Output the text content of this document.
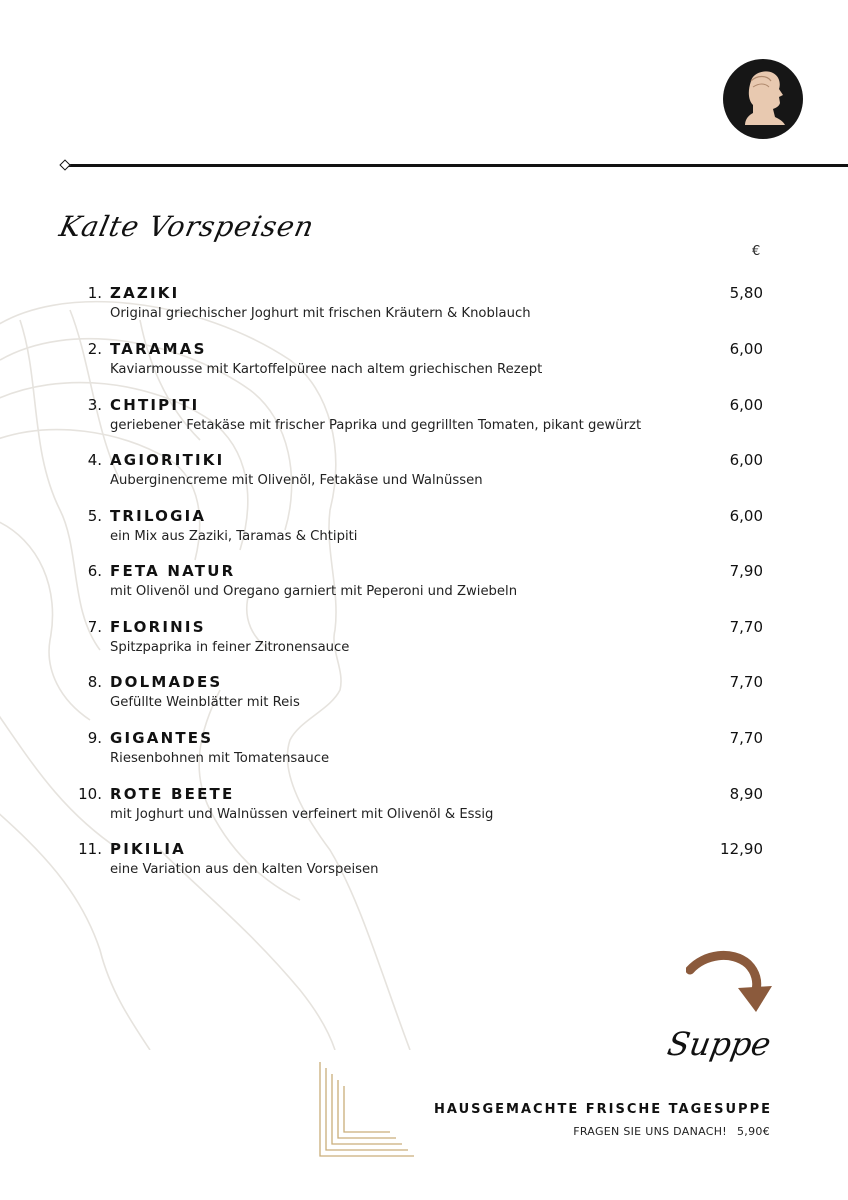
Kalte Vorspeisen
€
1. ZAZIKI	5,80
Original griechischer Joghurt mit frischen Kräutern & Knoblauch
2. TARAMAS	6,00
Kaviarmousse mit Kartoffelpüree nach altem griechischen Rezept
3. CHTIPITI	6,00
geriebener Fetakäse mit frischer Paprika und gegrillten Tomaten, pikant gewürzt
4. AGIORITIKI	6,00
Auberginencreme mit Olivenöl, Fetakäse und Walnüssen
5. TRILOGIA	6,00
ein Mix aus Zaziki, Taramas & Chtipiti
6. FETA NATUR	7,90
mit Olivenöl und Oregano garniert mit Peperoni und Zwiebeln
7. FLORINIS	7,70
Spitzpaprika in feiner Zitronensauce
8. DOLMADES	7,70
Gefüllte Weinblätter mit Reis
9. GIGANTES	7,70
Riesenbohnen mit Tomatensauce
10. ROTE BEETE	8,90
mit Joghurt und Walnüssen verfeinert mit Olivenöl & Essig
11. PIKILIA	12,90
eine Variation aus den kalten Vorspeisen
Suppe
HAUSGEMACHTE FRISCHE TAGESUPPE
FRAGEN SIE UNS DANACH! 5,90€
